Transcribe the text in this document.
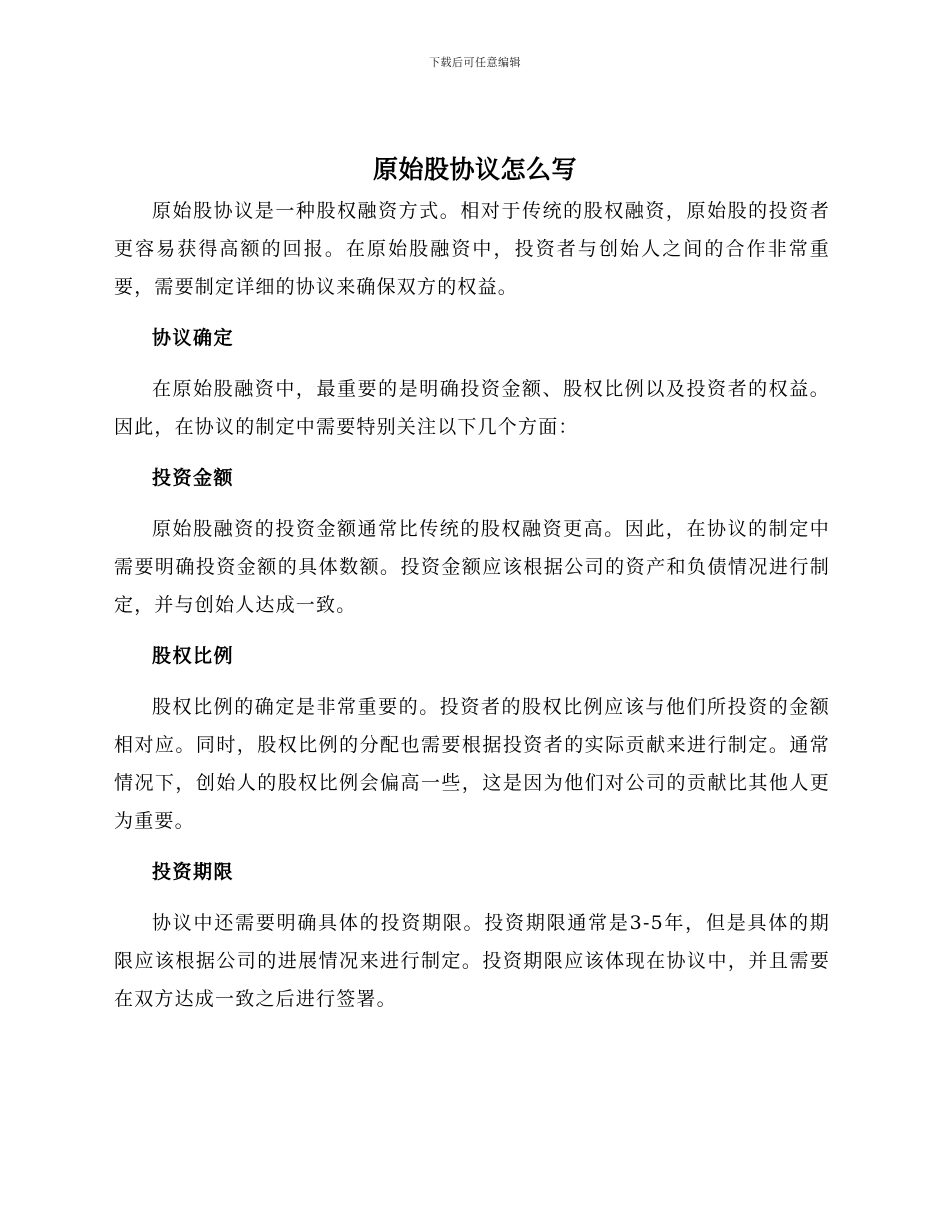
下载后可任意编辑
原始股协议怎么写

原始股协议是一种股权融资方式。相对于传统的股权融资，原始股的投资者更容易获得高额的回报。在原始股融资中，投资者与创始人之间的合作非常重要，需要制定详细的协议来确保双方的权益。

协议确定

在原始股融资中，最重要的是明确投资金额、股权比例以及投资者的权益。因此，在协议的制定中需要特别关注以下几个方面：

投资金额

原始股融资的投资金额通常比传统的股权融资更高。因此，在协议的制定中需要明确投资金额的具体数额。投资金额应该根据公司的资产和负债情况进行制定，并与创始人达成一致。

股权比例

股权比例的确定是非常重要的。投资者的股权比例应该与他们所投资的金额相对应。同时，股权比例的分配也需要根据投资者的实际贡献来进行制定。通常情况下，创始人的股权比例会偏高一些，这是因为他们对公司的贡献比其他人更为重要。

投资期限

协议中还需要明确具体的投资期限。投资期限通常是3-5年，但是具体的期限应该根据公司的进展情况来进行制定。投资期限应该体现在协议中，并且需要在双方达成一致之后进行签署。
